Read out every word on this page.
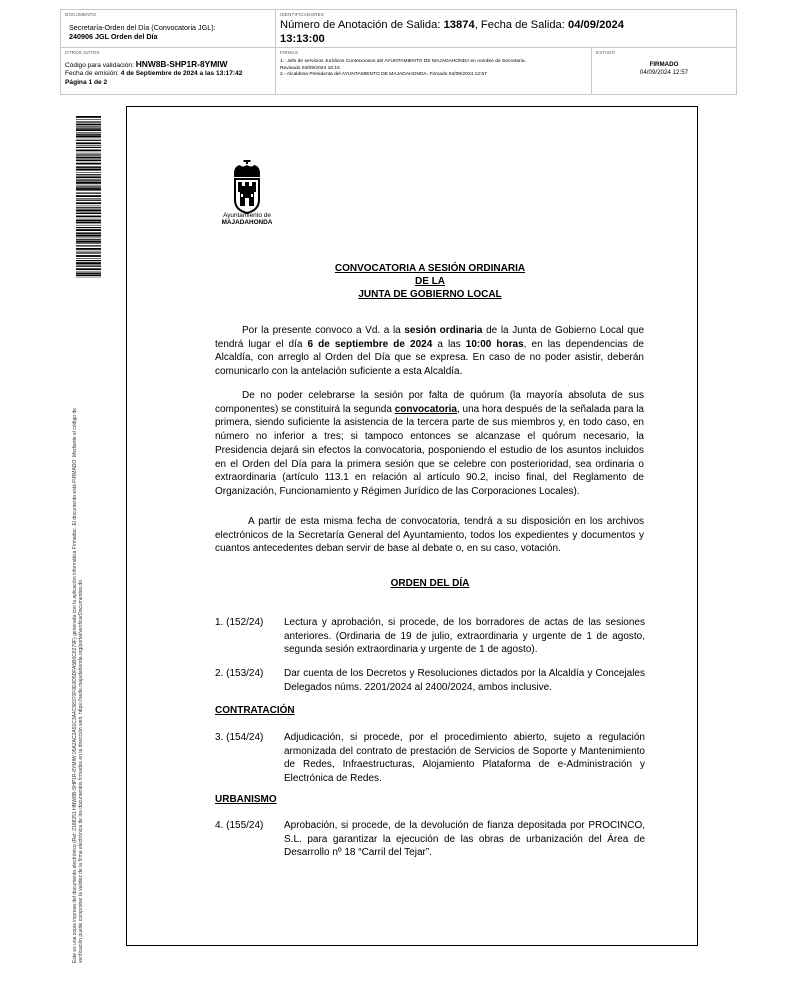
DOCUMENTO
Secretaría-Orden del Día (Convocatoria JGL):
240906 JGL Orden del Día
IDENTIFICADORES
Número de Anotación de Salida: 13874, Fecha de Salida: 04/09/2024
13:13:00
OTROS DATOS
Código para validación: HNW8B-SHP1R-8YMIW
Fecha de emisión: 4 de Septiembre de 2024 a las 13:17:42
Página 1 de 2
FIRMAS
1.- Jefe de servicios Jurídicos Contenciosos del AYUNTAMIENTO DE MAJADAHONDA en nombre de Secretaría.
Revisado 04/09/2024 10:15
2.- Alcaldesa Presidenta del AYUNTAMIENTO DE MAJADAHONDA. Firmado 04/09/2024 12:57
ESTADO
FIRMADO
04/09/2024 12:57
Este es una copia impresa del documento electrónico (Ref: 2188251 HNW8B-SHP1R-8YMIW 05A2AC2A51C3A4C98370F0E0D5DFA5B0C8279F) generada con la aplicación informática Firmadoc. El documento está FIRMADO. Mediante el código de verificación puede comprobar la validez de la firma electrónica de los documentos firmados en la dirección web: https://sede.majadahonda.org/portal/verificarDocumentos.do
Ayuntamiento de
MAJADAHONDA
CONVOCATORIA A SESIÓN ORDINARIA
DE LA
JUNTA DE GOBIERNO LOCAL
Por la presente convoco a Vd. a la sesión ordinaria de la Junta de Gobierno Local que tendrá lugar el día 6 de septiembre de 2024 a las 10:00 horas, en las dependencias de Alcaldía, con arreglo al Orden del Día que se expresa. En caso de no poder asistir, deberán comunicarlo con la antelación suficiente a esta Alcaldía.
De no poder celebrarse la sesión por falta de quórum (la mayoría absoluta de sus componentes) se constituirá la segunda convocatoria, una hora después de la señalada para la primera, siendo suficiente la asistencia de la tercera parte de sus miembros y, en todo caso, en número no inferior a tres; si tampoco entonces se alcanzase el quórum necesario, la Presidencia dejará sin efectos la convocatoria, posponiendo el estudio de los asuntos incluidos en el Orden del Día para la primera sesión que se celebre con posterioridad, sea ordinaria o extraordinaria (artículo 113.1 en relación al artículo 90.2, inciso final, del Reglamento de Organización, Funcionamiento y Régimen Jurídico de las Corporaciones Locales).
A partir de esta misma fecha de convocatoria, tendrá a su disposición en los archivos electrónicos de la Secretaría General del Ayuntamiento, todos los expedientes y documentos y cuantos antecedentes deban servir de base al debate o, en su caso, votación.
ORDEN DEL DÍA
1. (152/24)	Lectura y aprobación, si procede, de los borradores de actas de las sesiones anteriores. (Ordinaria de 19 de julio, extraordinaria y urgente de 1 de agosto, segunda sesión extraordinaria y urgente de 1 de agosto).
2. (153/24)	Dar cuenta de los Decretos y Resoluciones dictados por la Alcaldía y Concejales Delegados núms. 2201/2024 al 2400/2024, ambos inclusive.
CONTRATACIÓN
3. (154/24)	Adjudicación, si procede, por el procedimiento abierto, sujeto a regulación armonizada del contrato de prestación de Servicios de Soporte y Mantenimiento de Redes, Infraestructuras, Alojamiento Plataforma de e-Administración y Electrónica de Redes.
URBANISMO
4. (155/24)	Aprobación, si procede, de la devolución de fianza depositada por PROCINCO, S.L. para garantizar la ejecución de las obras de urbanización del Área de Desarrollo nº 18 “Carril del Tejar”.
